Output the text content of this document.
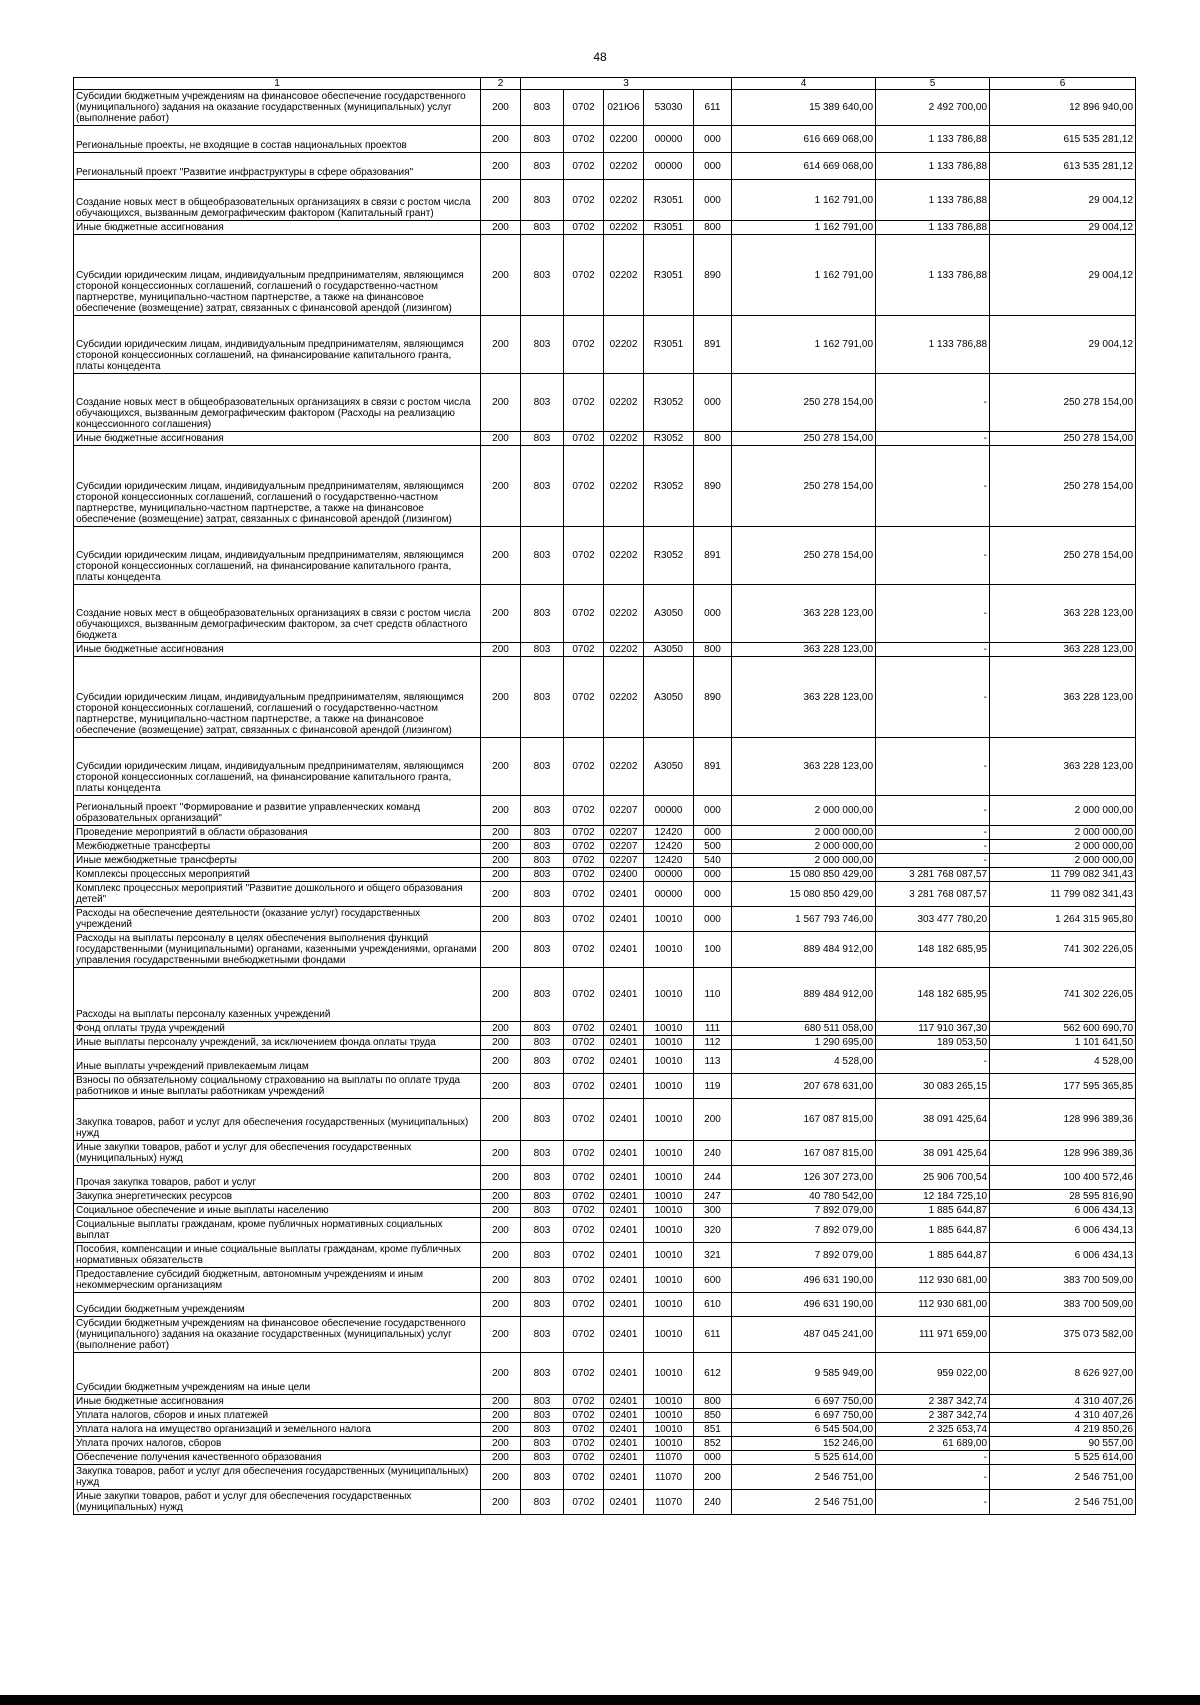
48
1	2	3					4	5	6
Субсидии бюджетным учреждениям на финансовое обеспечение государственного (муниципального) задания на оказание государственных (муниципальных) услуг (выполнение работ)	200	803	0702	021Ю6	53030	611	15 389 640,00	2 492 700,00	12 896 940,00
Региональные проекты, не входящие в состав национальных проектов	200	803	0702	02200	00000	000	616 669 068,00	1 133 786,88	615 535 281,12
Региональный проект "Развитие инфраструктуры в сфере образования"	200	803	0702	02202	00000	000	614 669 068,00	1 133 786,88	613 535 281,12
Создание новых мест в общеобразовательных организациях в связи с ростом числа обучающихся, вызванным демографическим фактором (Капитальный грант)	200	803	0702	02202	R3051	000	1 162 791,00	1 133 786,88	29 004,12
Иные бюджетные ассигнования	200	803	0702	02202	R3051	800	1 162 791,00	1 133 786,88	29 004,12
Субсидии юридическим лицам, индивидуальным предпринимателям, являющимся стороной концессионных соглашений, соглашений о государственно-частном партнерстве, муниципально-частном партнерстве, а также на финансовое обеспечение (возмещение) затрат, связанных с финансовой арендой (лизингом)	200	803	0702	02202	R3051	890	1 162 791,00	1 133 786,88	29 004,12
Субсидии юридическим лицам, индивидуальным предпринимателям, являющимся стороной концессионных соглашений, на финансирование капитального гранта, платы концедента	200	803	0702	02202	R3051	891	1 162 791,00	1 133 786,88	29 004,12
Создание новых мест в общеобразовательных организациях в связи с ростом числа обучающихся, вызванным демографическим фактором (Расходы на реализацию концессионного соглашения)	200	803	0702	02202	R3052	000	250 278 154,00	-	250 278 154,00
Иные бюджетные ассигнования	200	803	0702	02202	R3052	800	250 278 154,00	-	250 278 154,00
Субсидии юридическим лицам, индивидуальным предпринимателям, являющимся стороной концессионных соглашений, соглашений о государственно-частном партнерстве, муниципально-частном партнерстве, а также на финансовое обеспечение (возмещение) затрат, связанных с финансовой арендой (лизингом)	200	803	0702	02202	R3052	890	250 278 154,00	-	250 278 154,00
Субсидии юридическим лицам, индивидуальным предпринимателям, являющимся стороной концессионных соглашений, на финансирование капитального гранта, платы концедента	200	803	0702	02202	R3052	891	250 278 154,00	-	250 278 154,00
Создание новых мест в общеобразовательных организациях в связи с ростом числа обучающихся, вызванным демографическим фактором, за счет средств областного бюджета	200	803	0702	02202	А3050	000	363 228 123,00	-	363 228 123,00
Иные бюджетные ассигнования	200	803	0702	02202	А3050	800	363 228 123,00	-	363 228 123,00
Субсидии юридическим лицам, индивидуальным предпринимателям, являющимся стороной концессионных соглашений, соглашений о государственно-частном партнерстве, муниципально-частном партнерстве, а также на финансовое обеспечение (возмещение) затрат, связанных с финансовой арендой (лизингом)	200	803	0702	02202	А3050	890	363 228 123,00	-	363 228 123,00
Субсидии юридическим лицам, индивидуальным предпринимателям, являющимся стороной концессионных соглашений, на финансирование капитального гранта, платы концедента	200	803	0702	02202	А3050	891	363 228 123,00	-	363 228 123,00
Региональный проект "Формирование и развитие управленческих команд образовательных организаций"	200	803	0702	02207	00000	000	2 000 000,00	-	2 000 000,00
Проведение мероприятий в области образования	200	803	0702	02207	12420	000	2 000 000,00	-	2 000 000,00
Межбюджетные трансферты	200	803	0702	02207	12420	500	2 000 000,00	-	2 000 000,00
Иные межбюджетные трансферты	200	803	0702	02207	12420	540	2 000 000,00	-	2 000 000,00
Комплексы процессных мероприятий	200	803	0702	02400	00000	000	15 080 850 429,00	3 281 768 087,57	11 799 082 341,43
Комплекс процессных мероприятий "Развитие дошкольного и общего образования детей"	200	803	0702	02401	00000	000	15 080 850 429,00	3 281 768 087,57	11 799 082 341,43
Расходы на обеспечение деятельности (оказание услуг) государственных учреждений	200	803	0702	02401	10010	000	1 567 793 746,00	303 477 780,20	1 264 315 965,80
Расходы на выплаты персоналу в целях обеспечения выполнения функций государственными (муниципальными) органами, казенными учреждениями, органами управления государственными внебюджетными фондами	200	803	0702	02401	10010	100	889 484 912,00	148 182 685,95	741 302 226,05
Расходы на выплаты персоналу казенных учреждений	200	803	0702	02401	10010	110	889 484 912,00	148 182 685,95	741 302 226,05
Фонд оплаты труда учреждений	200	803	0702	02401	10010	111	680 511 058,00	117 910 367,30	562 600 690,70
Иные выплаты персоналу учреждений, за исключением фонда оплаты труда	200	803	0702	02401	10010	112	1 290 695,00	189 053,50	1 101 641,50
Иные выплаты учреждений привлекаемым лицам	200	803	0702	02401	10010	113	4 528,00	-	4 528,00
Взносы по обязательному социальному страхованию на выплаты по оплате труда работников и иные выплаты работникам учреждений	200	803	0702	02401	10010	119	207 678 631,00	30 083 265,15	177 595 365,85
Закупка товаров, работ и услуг для обеспечения государственных (муниципальных) нужд	200	803	0702	02401	10010	200	167 087 815,00	38 091 425,64	128 996 389,36
Иные закупки товаров, работ и услуг для обеспечения государственных (муниципальных) нужд	200	803	0702	02401	10010	240	167 087 815,00	38 091 425,64	128 996 389,36
Прочая закупка товаров, работ и услуг	200	803	0702	02401	10010	244	126 307 273,00	25 906 700,54	100 400 572,46
Закупка энергетических ресурсов	200	803	0702	02401	10010	247	40 780 542,00	12 184 725,10	28 595 816,90
Социальное обеспечение и иные выплаты населению	200	803	0702	02401	10010	300	7 892 079,00	1 885 644,87	6 006 434,13
Социальные выплаты гражданам, кроме публичных нормативных социальных выплат	200	803	0702	02401	10010	320	7 892 079,00	1 885 644,87	6 006 434,13
Пособия, компенсации и иные социальные выплаты гражданам, кроме публичных нормативных обязательств	200	803	0702	02401	10010	321	7 892 079,00	1 885 644,87	6 006 434,13
Предоставление субсидий бюджетным, автономным учреждениям и иным некоммерческим организациям	200	803	0702	02401	10010	600	496 631 190,00	112 930 681,00	383 700 509,00
Субсидии бюджетным учреждениям	200	803	0702	02401	10010	610	496 631 190,00	112 930 681,00	383 700 509,00
Субсидии бюджетным учреждениям на финансовое обеспечение государственного (муниципального) задания на оказание государственных (муниципальных) услуг (выполнение работ)	200	803	0702	02401	10010	611	487 045 241,00	111 971 659,00	375 073 582,00
Субсидии бюджетным учреждениям на иные цели	200	803	0702	02401	10010	612	9 585 949,00	959 022,00	8 626 927,00
Иные бюджетные ассигнования	200	803	0702	02401	10010	800	6 697 750,00	2 387 342,74	4 310 407,26
Уплата налогов, сборов и иных платежей	200	803	0702	02401	10010	850	6 697 750,00	2 387 342,74	4 310 407,26
Уплата налога на имущество организаций и земельного налога	200	803	0702	02401	10010	851	6 545 504,00	2 325 653,74	4 219 850,26
Уплата прочих налогов, сборов	200	803	0702	02401	10010	852	152 246,00	61 689,00	90 557,00
Обеспечение получения качественного образования	200	803	0702	02401	11070	000	5 525 614,00	-	5 525 614,00
Закупка товаров, работ и услуг для обеспечения государственных (муниципальных) нужд	200	803	0702	02401	11070	200	2 546 751,00	-	2 546 751,00
Иные закупки товаров, работ и услуг для обеспечения государственных (муниципальных) нужд	200	803	0702	02401	11070	240	2 546 751,00	-	2 546 751,00
